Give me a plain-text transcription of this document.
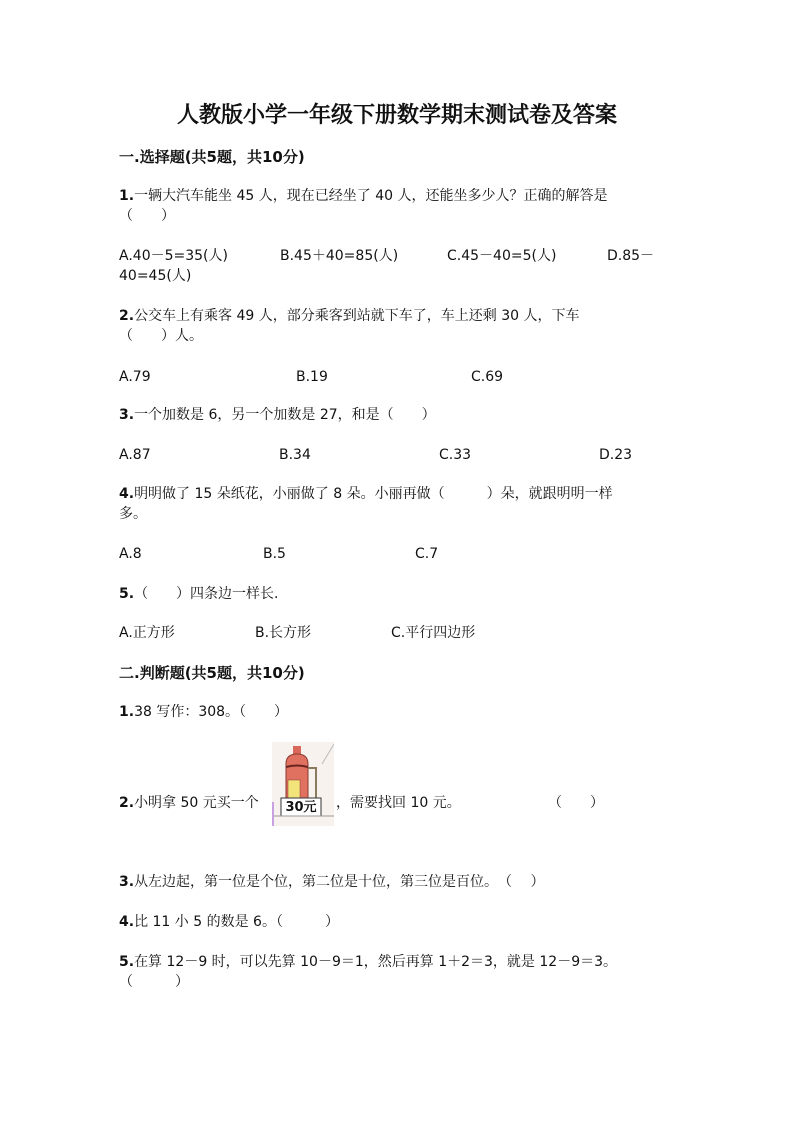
人教版小学一年级下册数学期末测试卷及答案
一.选择题(共5题，共10分)
1.一辆大汽车能坐 45 人，现在已经坐了 40 人，还能坐多少人？正确的解答是
（　　）
A.40－5=35(人)	B.45＋40=85(人)	C.45－40=5(人)	D.85－
40=45(人)
2.公交车上有乘客 49 人，部分乘客到站就下车了，车上还剩 30 人，下车
（　　）人。
A.79	B.19	C.69
3.一个加数是 6，另一个加数是 27，和是（　　）
A.87	B.34	C.33	D.23
4.明明做了 15 朵纸花，小丽做了 8 朵。小丽再做（　　　）朵，就跟明明一样
多。
A.8	B.5	C.7
5.（　　）四条边一样长.
A.正方形	B.长方形	C.平行四边形
二.判断题(共5题，共10分)
1.38 写作：308。（　　）
2.小明拿 50 元买一个 30元 ，需要找回 10 元。	（　　）
3.从左边起，第一位是个位，第二位是十位，第三位是百位。　（　 ）
4.比 11 小 5 的数是 6。（　　　）
5.在算 12－9 时，可以先算 10－9＝1，然后再算 1＋2＝3，就是 12－9＝3。
（　　　）
